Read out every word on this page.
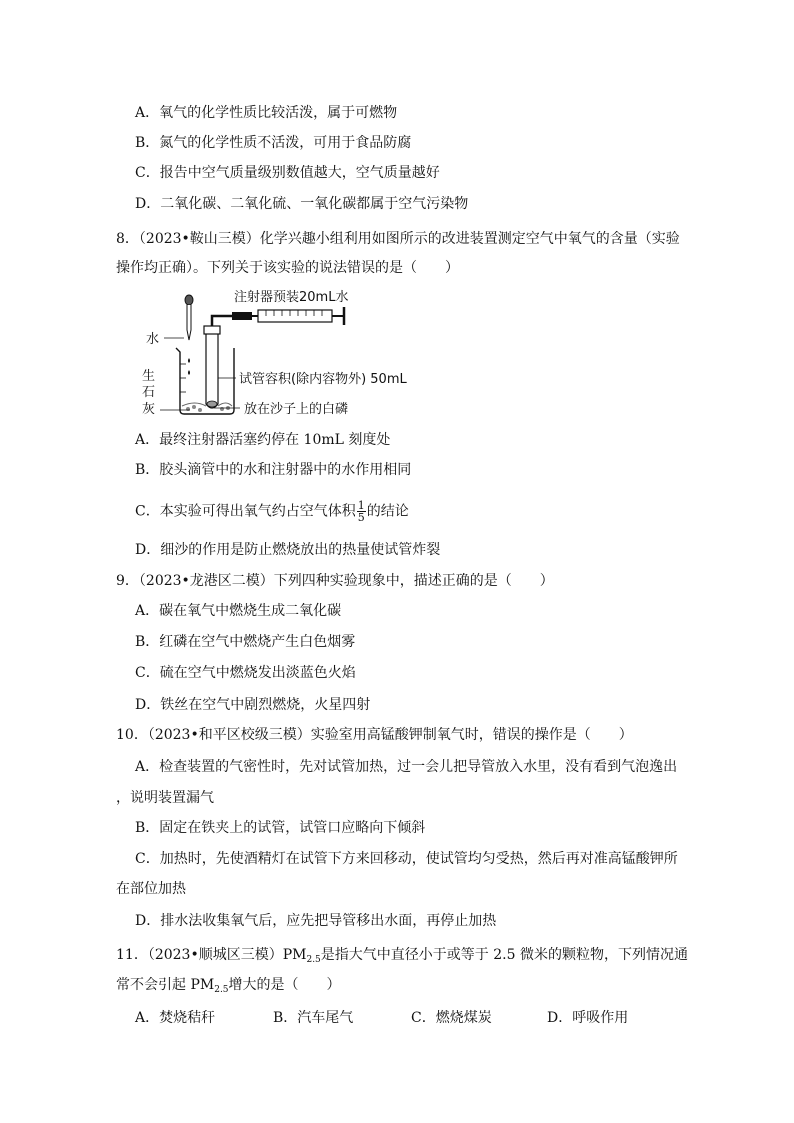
A．氧气的化学性质比较活泼，属于可燃物
B．氮气的化学性质不活泼，可用于食品防腐
C．报告中空气质量级别数值越大，空气质量越好
D．二氧化碳、二氧化硫、一氧化碳都属于空气污染物
8．（2023•鞍山三模）化学兴趣小组利用如图所示的改进装置测定空气中氧气的含量（实验
操作均正确）。下列关于该实验的说法错误的是（　　）
注射器预装20mL水
水
生
石
灰
试管容积(除内容物外) 50mL
放在沙子上的白磷
A．最终注射器活塞约停在 10mL 刻度处
B．胶头滴管中的水和注射器中的水作用相同
C．本实验可得出氧气约占空气体积 $\frac{1}{5}$ 的结论
D．细沙的作用是防止燃烧放出的热量使试管炸裂
9．（2023•龙港区二模）下列四种实验现象中，描述正确的是（　　）
A．碳在氧气中燃烧生成二氧化碳
B．红磷在空气中燃烧产生白色烟雾
C．硫在空气中燃烧发出淡蓝色火焰
D．铁丝在空气中剧烈燃烧，火星四射
10．（2023•和平区校级三模）实验室用高锰酸钾制氧气时，错误的操作是（　　）
A．检查装置的气密性时，先对试管加热，过一会儿把导管放入水里，没有看到气泡逸出
，说明装置漏气
B．固定在铁夹上的试管，试管口应略向下倾斜
C．加热时，先使酒精灯在试管下方来回移动，使试管均匀受热，然后再对准高锰酸钾所
在部位加热
D．排水法收集氧气后，应先把导管移出水面，再停止加热
11．（2023•顺城区三模）$PM_{2.5}$是指大气中直径小于或等于 2.5 微米的颗粒物，下列情况通
常不会引起 $PM_{2.5}$增大的是（　　）
A．焚烧秸秆	B．汽车尾气	C．燃烧煤炭	D．呼吸作用
